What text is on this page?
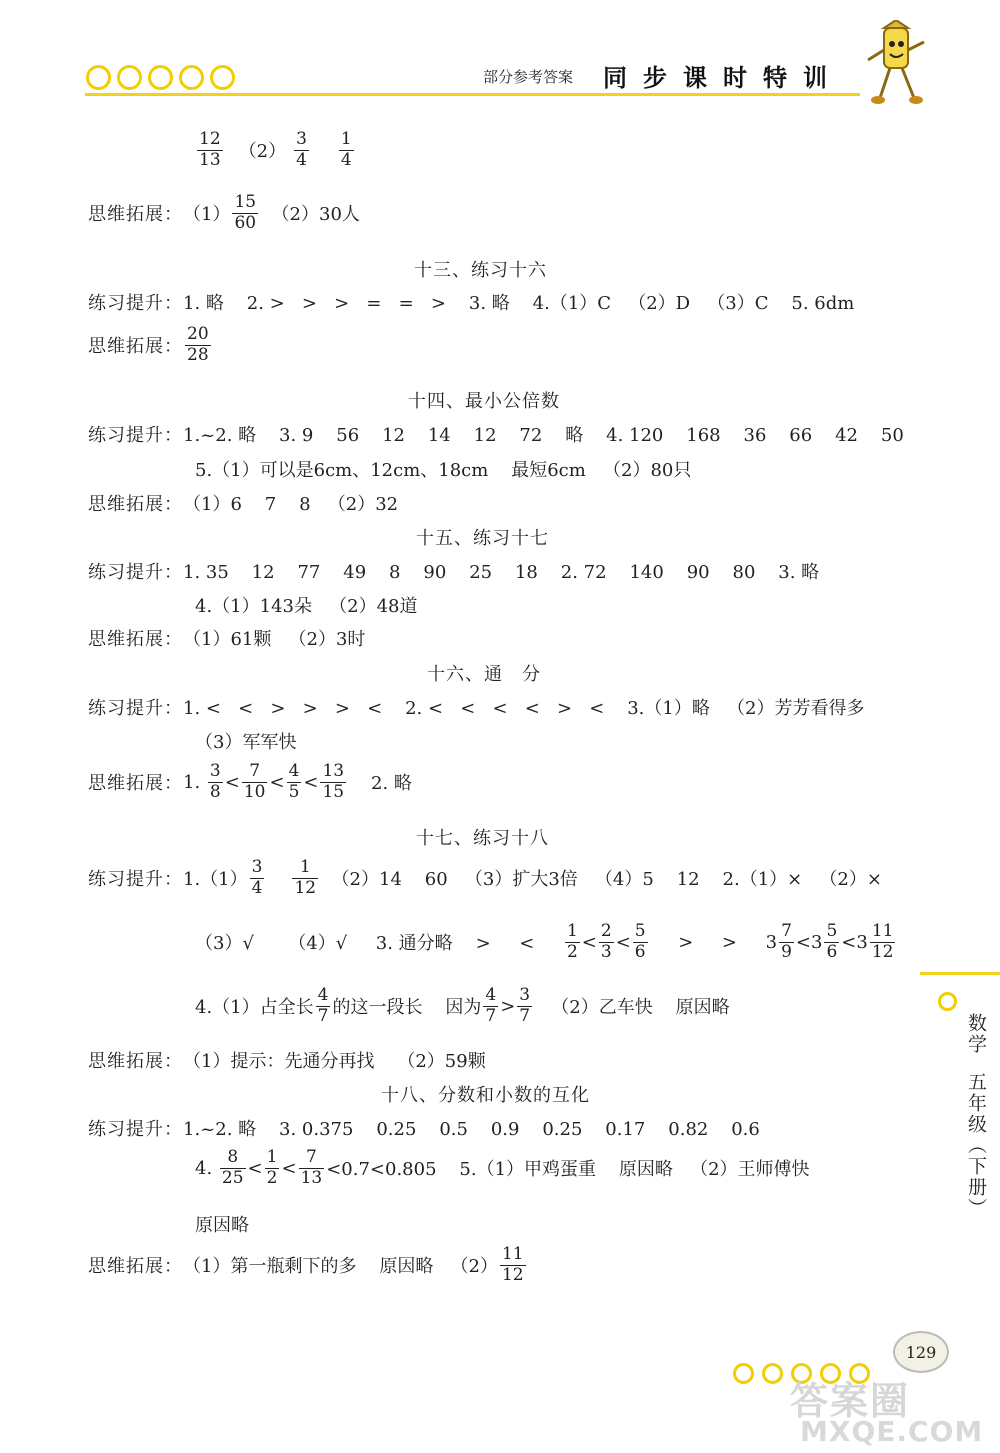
部分参考答案 同步课时特训
$\frac{12}{13} (2) \frac{3}{4} \frac{1}{4}$
思维拓展： $(1) \frac{15}{60} (2)30$人
十三、练习十六
练习提升： 1. 略    2. >   >   >   =   =   >    3. 略    4.（1）C   （2）D   （3）C    5. 6dm
思维拓展： $\frac{20}{28}$
十四、最小公倍数
练习提升： 1.~2. 略    3. 9    56    12    14    12    72    略    4. 120    168    36    66    42    50
5.（1）可以是6cm、12cm、18cm    最短6cm   （2）80只
思维拓展： （1）6    7    8   （2）32
十五、练习十七
练习提升： 1. 35    12    77    49    8    90    25    18    2. 72    140    90    80    3. 略
4.（1）143朵   （2）48道
思维拓展： （1）61颗   （2）3时
十六、通　分
练习提升： 1. <   <   >   >   >   <    2. <   <   <   <   >   <    3.（1）略   （2）芳芳看得多
（3）军军快
思维拓展： 1. $\frac{3}{8} < \frac{7}{10} < \frac{4}{5} < \frac{13}{15} 2$. 略
十七、练习十八
练习提升： $1.(1) \frac{3}{4} \frac{1}{12} (2)14$    60   （3）扩大3倍   （4）5    12    2.（1）×   （2）×
（3）√      （4）√     3. 通分略    >     < $\frac{1}{2} < \frac{2}{3} < \frac{5}{6}$ >     > $3 \frac{7}{9} <3 \frac{5}{6} <3 \frac{11}{12}$
4.（1）占全长 $\frac{4}{7}$ 的这一段长    因为 $\frac{4}{7} > \frac{3}{7} (2)$乙车快    原因略
思维拓展： （1）提示：先通分再找    （2）59颗
十八、分数和小数的互化
练习提升： 1.~2. 略    3. 0.375    0.25    0.5    0.9    0.25    0.17    0.82    0.6
4. $\frac{8}{25} < \frac{1}{2} < \frac{7}{13} <0.7<0.805$    5.（1）甲鸡蛋重    原因略   （2）王师傅快
原因略
思维拓展： （1）第一瓶剩下的多    原因略   $(2) \frac{11}{12}$
数学
五年级（下册）
129
答案圈
MXQE.COM
